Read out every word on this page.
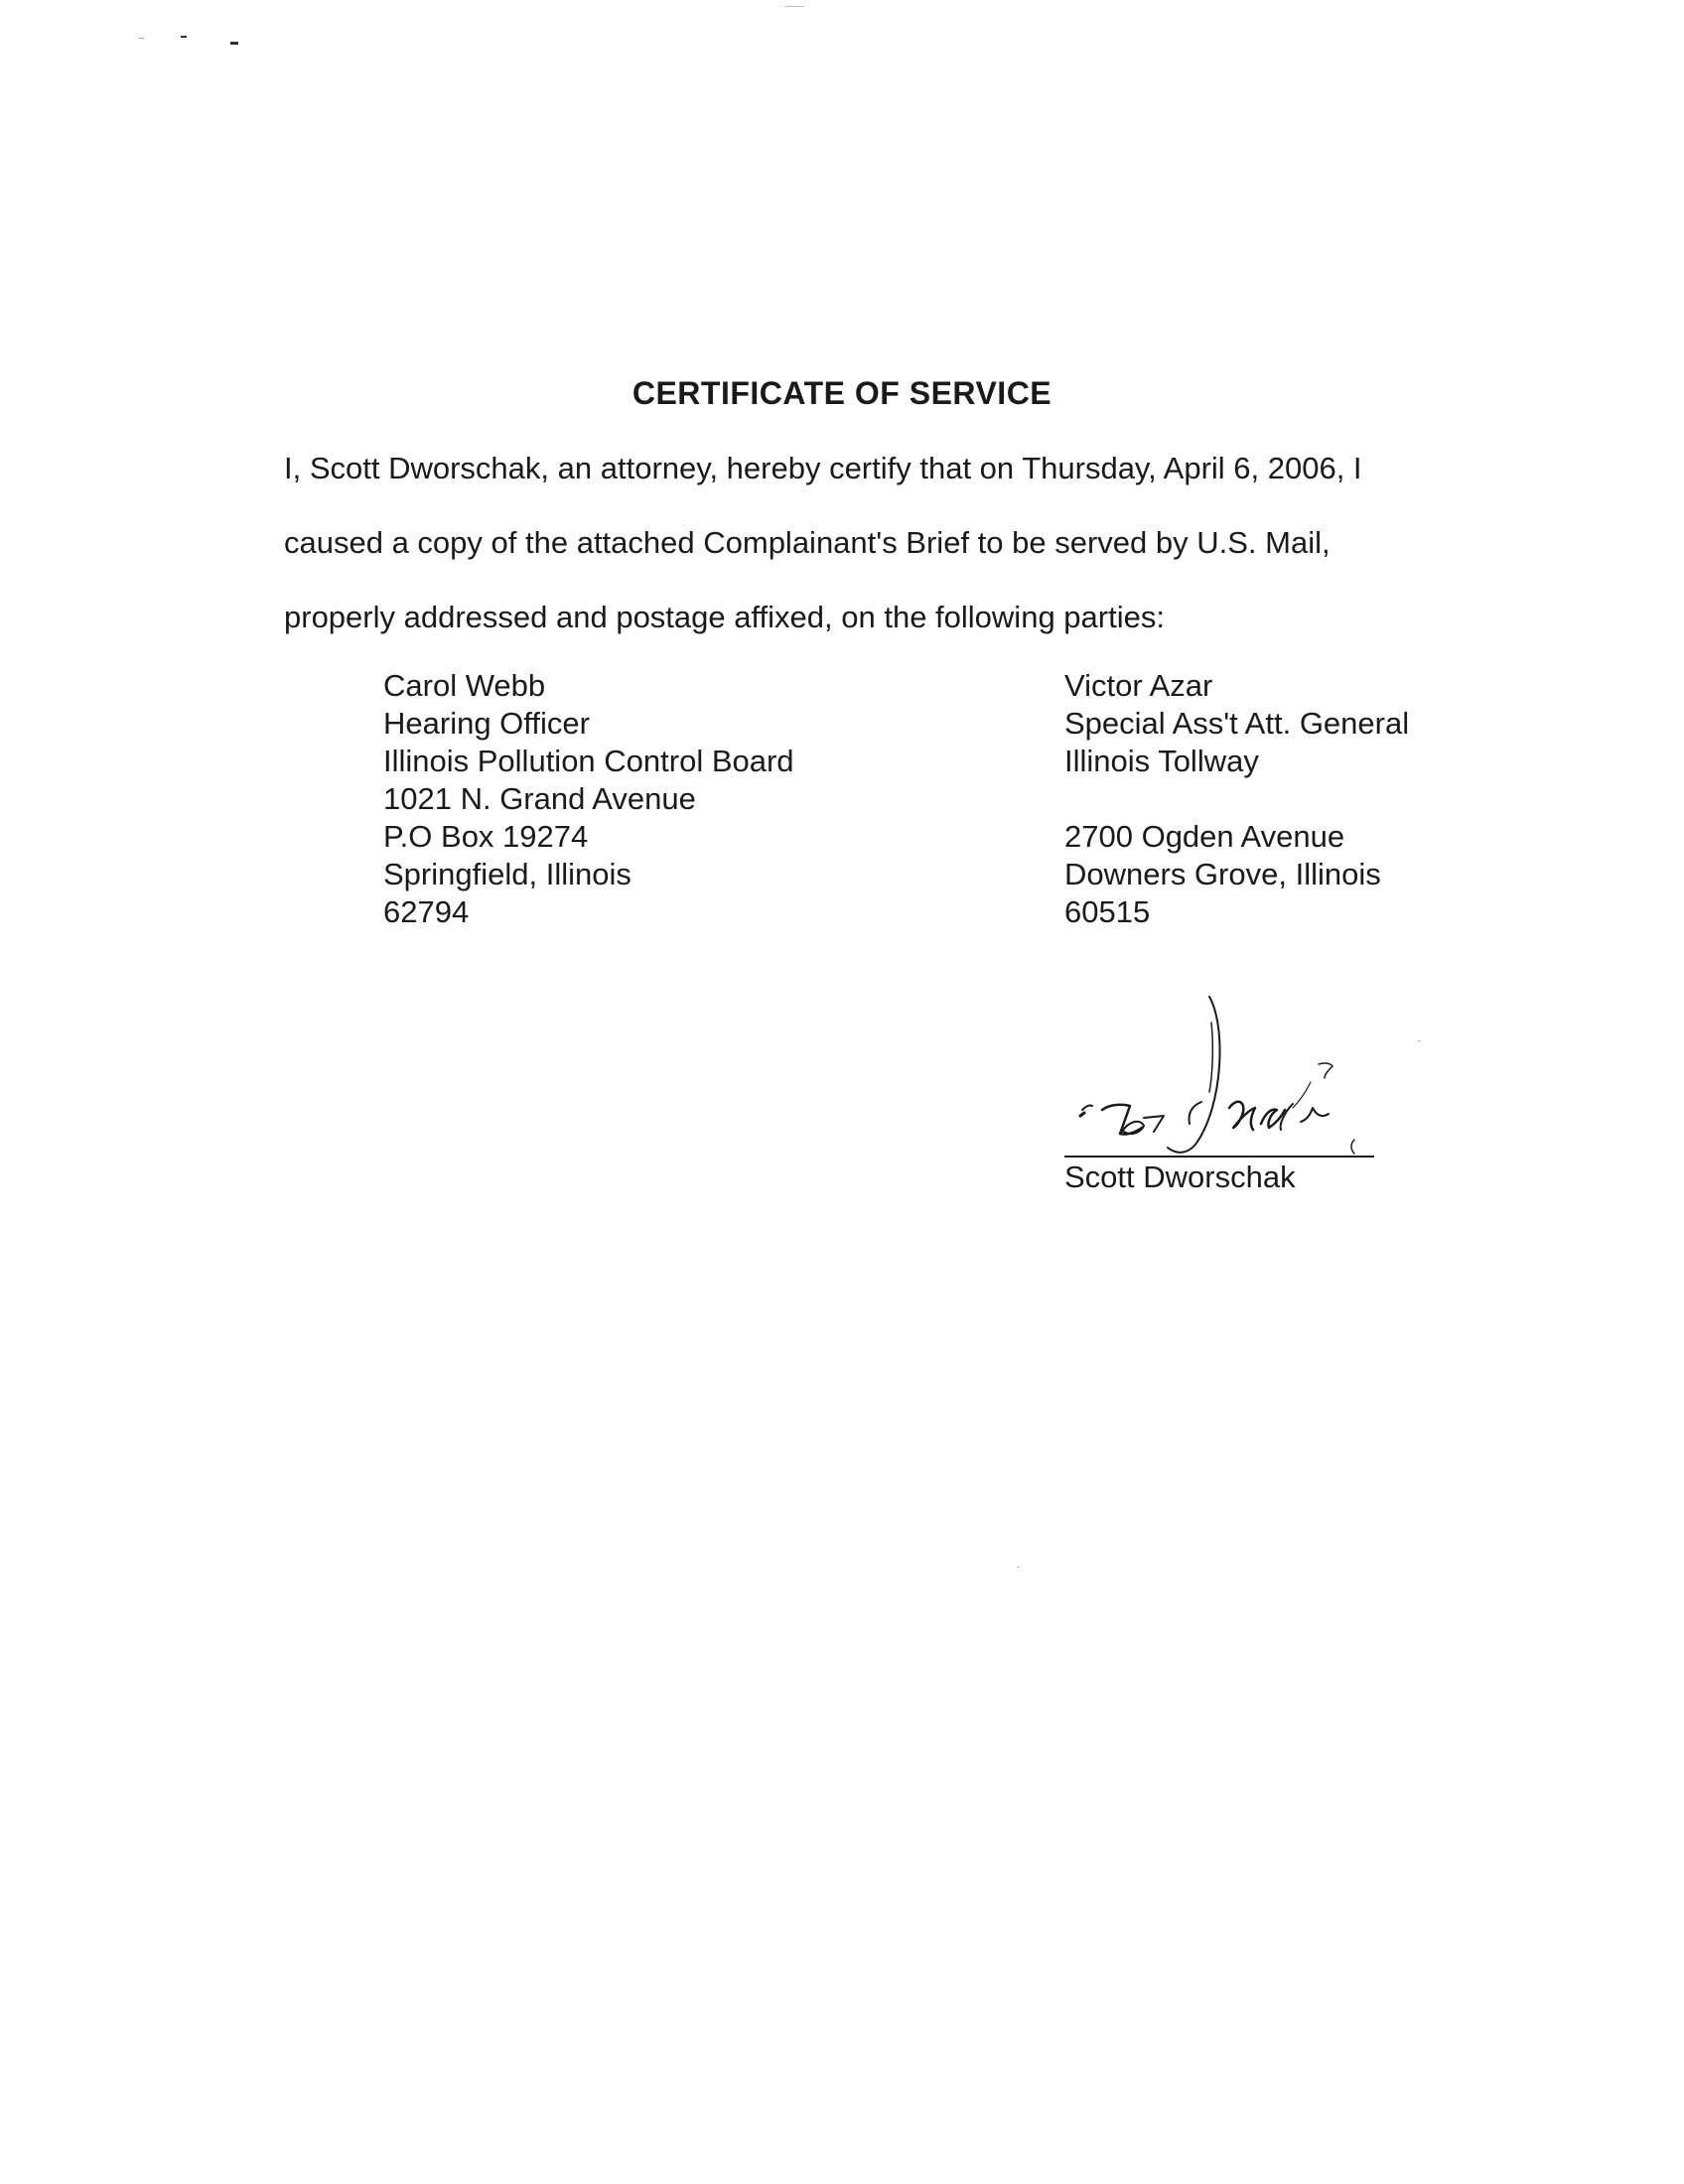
CERTIFICATE OF SERVICE
I, Scott Dworschak, an attorney, hereby certify that on Thursday, April 6, 2006, I
caused a copy of the attached Complainant's Brief to be served by U.S. Mail,
properly addressed and postage affixed, on the following parties:
Carol Webb
Hearing Officer
Illinois Pollution Control Board
1021 N. Grand Avenue
P.O Box 19274
Springfield, Illinois
62794
Victor Azar
Special Ass't Att. General
Illinois Tollway
2700 Ogden Avenue
Downers Grove, Illinois
60515
Scott Dworschak
